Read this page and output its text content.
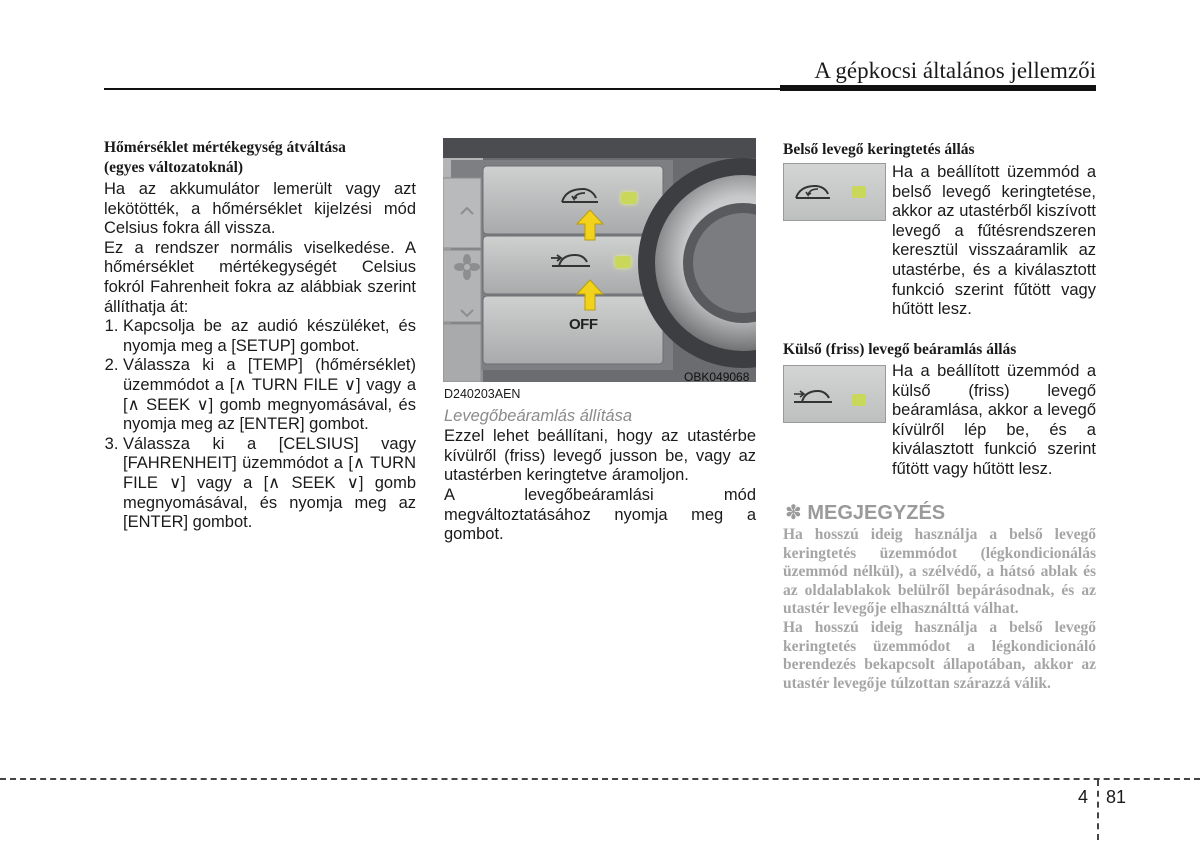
A gépkocsi általános jellemzői
Hőmérséklet mértékegység átváltása
(egyes változatoknál)

Ha az akkumulátor lemerült vagy azt lekötötték, a hőmérséklet kijelzési mód Celsius fokra áll vissza.

Ez a rendszer normális viselkedése. A hőmérséklet mértékegységét Celsius fokról Fahrenheit fokra az alábbiak szerint állíthatja át:

1. Kapcsolja be az audió készüléket, és nyomja meg a [SETUP] gombot.
2. Válassza ki a [TEMP] (hőmérséklet) üzemmódot a [∧ TURN FILE ∨] vagy a [∧ SEEK ∨] gomb megnyomásával, és nyomja meg az [ENTER] gombot.
3. Válassza ki a [CELSIUS] vagy [FAHRENHEIT] üzemmódot a [∧ TURN FILE ∨] vagy a [∧ SEEK ∨] gomb megnyomásával, és nyomja meg az [ENTER] gombot.
OFF
OBK049068
D240203AEN
Levegőbeáramlás állítása

Ezzel lehet beállítani, hogy az utastérbe kívülről (friss) levegő jusson be, vagy az utastérben keringtetve áramoljon.

A levegőbeáramlási mód megváltoztatásához nyomja meg a gombot.

Belső levegő keringtetés állás

Ha a beállított üzemmód a belső levegő keringtetése, akkor az utastérből kiszívott levegő a fűtésrendszeren keresztül visszaáramlik az utastérbe, és a kiválasztott funkció szerint fűtött vagy hűtött lesz.

Külső (friss) levegő beáramlás állás

Ha a beállított üzemmód a külső (friss) levegő beáramlása, akkor a levegő kívülről lép be, és a kiválasztott funkció szerint fűtött vagy hűtött lesz.

✽ MEGJEGYZÉS

Ha hosszú ideig használja a belső levegő keringtetés üzemmódot (légkondicionálás üzemmód nélkül), a szélvédő, a hátsó ablak és az oldalablakok belülről bepárásodnak, és az utastér levegője elhasználttá válhat.

Ha hosszú ideig használja a belső levegő keringtetés üzemmódot a légkondicionáló berendezés bekapcsolt állapotában, akkor az utastér levegője túlzottan szárazzá válik.

4 81
